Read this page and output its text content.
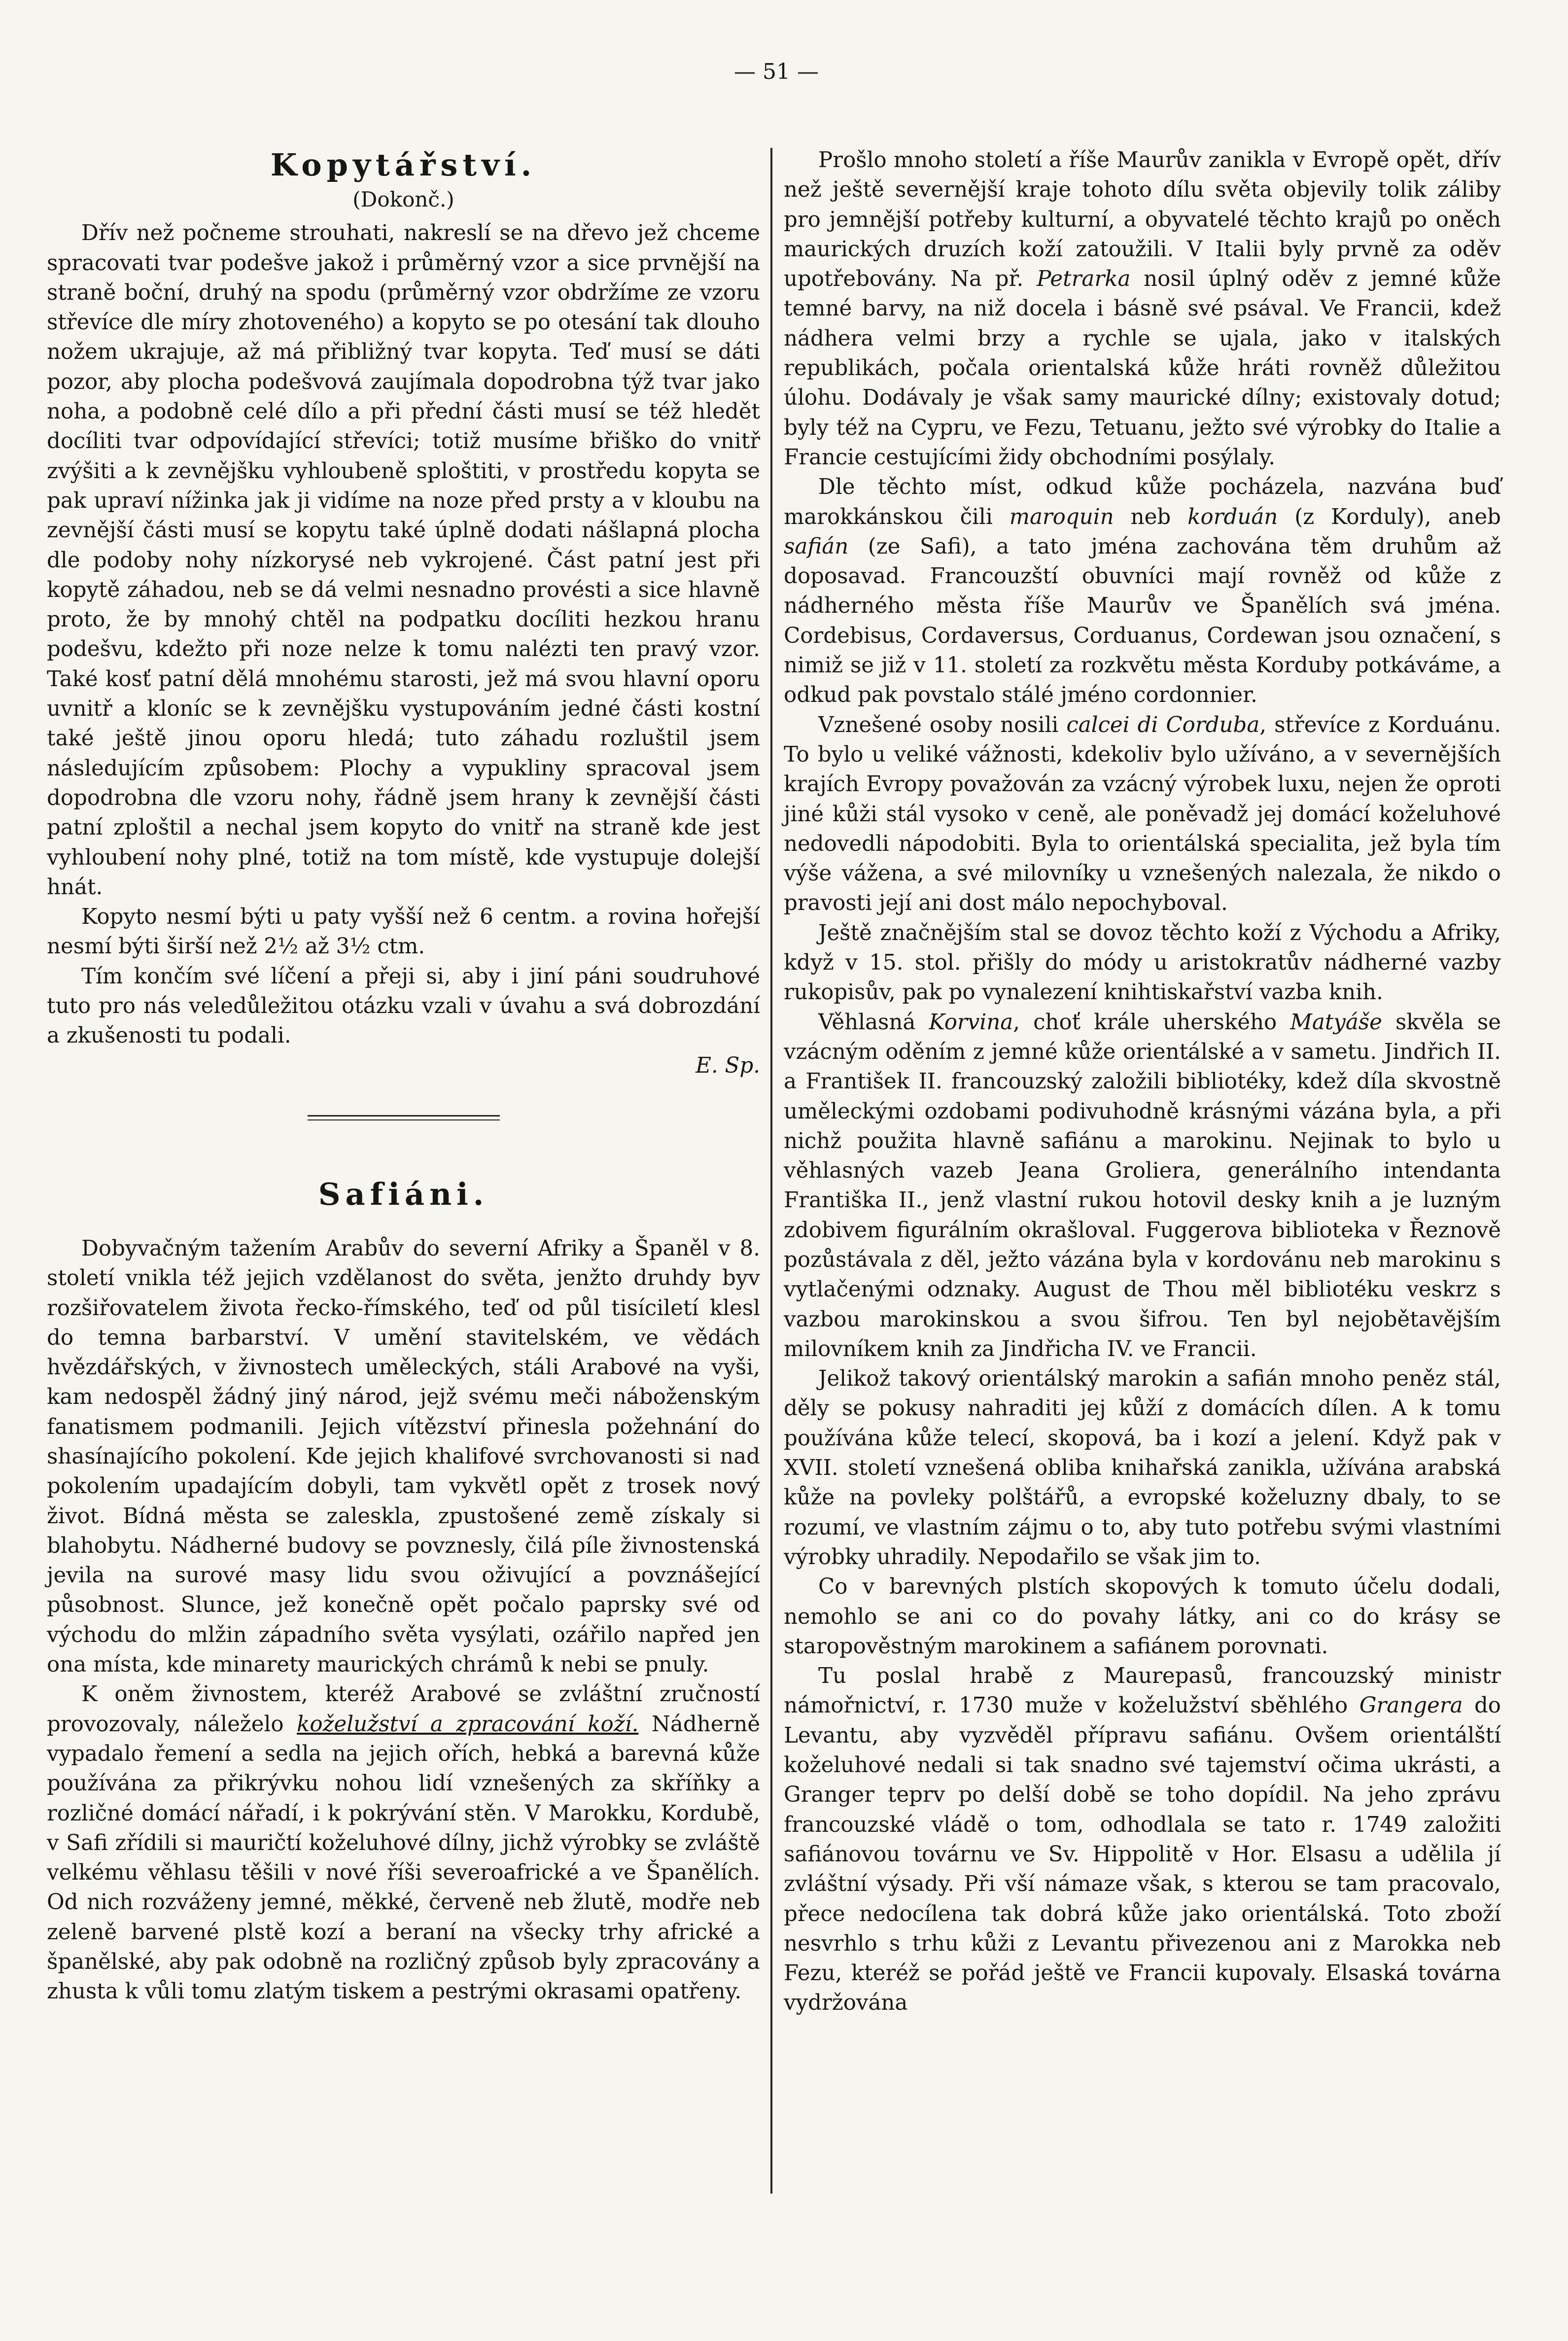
— 51 —
Kopytářství.
(Dokonč.)

Dřív než počneme strouhati, nakreslí se na dřevo jež chceme spracovati tvar podešve jakož i průměrný vzor a sice prvnější na straně boční, druhý na spodu (průměrný vzor obdržíme ze vzoru střevíce dle míry zhotoveného) a kopyto se po otesání tak dlouho nožem ukrajuje, až má přibližný tvar kopyta. Teď musí se dáti pozor, aby plocha podešvová zaujímala dopodrobna týž tvar jako noha, a podobně celé dílo a při přední části musí se též hledět docíliti tvar odpovídající střevíci; totiž musíme břiško do vnitř zvýšiti a k zevnějšku vyhloubeně sploštiti, v prostředu kopyta se pak upraví nížinka jak ji vidíme na noze před prsty a v kloubu na zevnější části musí se kopytu také úplně dodati nášlapná plocha dle podoby nohy nízkorysé neb vykrojené. Část patní jest při kopytě záhadou, neb se dá velmi nesnadno provésti a sice hlavně proto, že by mnohý chtěl na podpatku docíliti hezkou hranu podešvu, kdežto při noze nelze k tomu nalézti ten pravý vzor. Také kosť patní dělá mnohému starosti, jež má svou hlavní oporu uvnitř a kloníc se k zevnějšku vystupováním jedné části kostní také ještě jinou oporu hledá; tuto záhadu rozluštil jsem následujícím způsobem: Plochy a vypukliny spracoval jsem dopodrobna dle vzoru nohy, řádně jsem hrany k zevnější části patní zploštil a nechal jsem kopyto do vnitř na straně kde jest vyhloubení nohy plné, totiž na tom místě, kde vystupuje dolejší hnát.

Kopyto nesmí býti u paty vyšší než 6 centm. a rovina hořejší nesmí býti širší než 2½ až 3½ ctm.

Tím končím své líčení a přeji si, aby i jiní páni soudruhové tuto pro nás veledůležitou otázku vzali v úvahu a svá dobrozdání a zkušenosti tu podali.

E. Sp.

Safiáni.

Dobyvačným tažením Arabův do severní Afriky a Španěl v 8. století vnikla též jejich vzdělanost do světa, jenžto druhdy byv rozšiřovatelem života řecko-římského, teď od půl tisíciletí klesl do temna barbarství. V umění stavitelském, ve vědách hvězdářských, v živnostech uměleckých, stáli Arabové na vyši, kam nedospěl žádný jiný národ, jejž svému meči náboženským fanatismem podmanili. Jejich vítězství přinesla požehnání do shasínajícího pokolení. Kde jejich khalifové svrchovanosti si nad pokolením upadajícím dobyli, tam vykvětl opět z trosek nový život. Bídná města se zaleskla, zpustošené země získaly si blahobytu. Nádherné budovy se povznesly, čilá píle živnostenská jevila na surové masy lidu svou oživující a povznášející působnost. Slunce, jež konečně opět počalo paprsky své od východu do mlžin západního světa vysýlati, ozářilo napřed jen ona místa, kde minarety maurických chrámů k nebi se pnuly.

K oněm živnostem, kteréž Arabové se zvláštní zručností provozovaly, náleželo koželužství a zpracování koží. Nádherně vypadalo řemení a sedla na jejich ořích, hebká a barevná kůže používána za přikrývku nohou lidí vznešených za skříňky a rozličné domácí nářadí, i k pokrývání stěn. V Marokku, Kordubě, v Safi zřídili si mauričtí koželuhové dílny, jichž výrobky se zvláště velkému věhlasu těšili v nové říši severoafrické a ve Španělích. Od nich rozváženy jemné, měkké, červeně neb žlutě, modře neb zeleně barvené plstě kozí a beraní na všecky trhy africké a španělské, aby pak odobně na rozličný způsob byly zpracovány a zhusta k vůli tomu zlatým tiskem a pestrými okrasami opatřeny.

Prošlo mnoho století a říše Maurův zanikla v Evropě opět, dřív než ještě severnější kraje tohoto dílu světa objevily tolik záliby pro jemnější potřeby kulturní, a obyvatelé těchto krajů po oněch maurických druzích koží zatoužili. V Italii byly prvně za oděv upotřebovány. Na př. Petrarka nosil úplný oděv z jemné kůže temné barvy, na niž docela i básně své psával. Ve Francii, kdež nádhera velmi brzy a rychle se ujala, jako v italských republikách, počala orientalská kůže hráti rovněž důležitou úlohu. Dodávaly je však samy maurické dílny; existovaly dotud; byly též na Cypru, ve Fezu, Tetuanu, ježto své výrobky do Italie a Francie cestujícími židy obchodními posýlaly.

Dle těchto míst, odkud kůže pocházela, nazvána buď marokkánskou čili maroquin neb korduán (z Korduly), aneb safián (ze Safi), a tato jména zachována těm druhům až doposavad. Francouzští obuvníci mají rovněž od kůže z nádherného města říše Maurův ve Španělích svá jména. Cordebisus, Cordaversus, Corduanus, Cordewan jsou označení, s nimiž se již v 11. století za rozkvětu města Korduby potkáváme, a odkud pak povstalo stálé jméno cordonnier.

Vznešené osoby nosili calcei di Corduba, střevíce z Korduánu. To bylo u veliké vážnosti, kdekoliv bylo užíváno, a v severnějších krajích Evropy považován za vzácný výrobek luxu, nejen že oproti jiné kůži stál vysoko v ceně, ale poněvadž jej domácí koželuhové nedovedli nápodobiti. Byla to orientálská specialita, jež byla tím výše vážena, a své milovníky u vznešených nalezala, že nikdo o pravosti její ani dost málo nepochyboval.

Ještě značnějším stal se dovoz těchto koží z Východu a Afriky, když v 15. stol. přišly do módy u aristokratův nádherné vazby rukopisův, pak po vynalezení knihtiskařství vazba knih.

Věhlasná Korvina, choť krále uherského Matyáše skvěla se vzácným oděním z jemné kůže orientálské a v sametu. Jindřich II. a František II. francouzský založili bibliotéky, kdež díla skvostně uměleckými ozdobami podivuhodně krásnými vázána byla, a při nichž použita hlavně safiánu a marokinu. Nejinak to bylo u věhlasných vazeb Jeana Groliera, generálního intendanta Františka II., jenž vlastní rukou hotovil desky knih a je luzným zdobivem figurálním okrašloval. Fuggerova biblioteka v Řeznově pozůstávala z děl, ježto vázána byla v kordovánu neb marokinu s vytlačenými odznaky. August de Thou měl bibliotéku veskrz s vazbou marokinskou a svou šifrou. Ten byl nejobětavějším milovníkem knih za Jindřicha IV. ve Francii.

Jelikož takový orientálský marokin a safián mnoho peněz stál, děly se pokusy nahraditi jej kůží z domácích dílen. A k tomu používána kůže telecí, skopová, ba i kozí a jelení. Když pak v XVII. století vznešená obliba knihařská zanikla, užívána arabská kůže na povleky polštářů, a evropské koželuzny dbaly, to se rozumí, ve vlastním zájmu o to, aby tuto potřebu svými vlastními výrobky uhradily. Nepodařilo se však jim to.

Co v barevných plstích skopových k tomuto účelu dodali, nemohlo se ani co do povahy látky, ani co do krásy se staropověstným marokinem a safiánem porovnati.

Tu poslal hrabě z Maurepasů, francouzský ministr námořnictví, r. 1730 muže v koželužství sběhlého Grangera do Levantu, aby vyzvěděl přípravu safiánu. Ovšem orientálští koželuhové nedali si tak snadno své tajemství očima ukrásti, a Granger teprv po delší době se toho dopídil. Na jeho zprávu francouzské vládě o tom, odhodlala se tato r. 1749 založiti safiánovou továrnu ve Sv. Hippolitě v Hor. Elsasu a udělila jí zvláštní výsady. Při vší námaze však, s kterou se tam pracovalo, přece nedocílena tak dobrá kůže jako orientálská. Toto zboží nesvrhlo s trhu kůži z Levantu přivezenou ani z Marokka neb Fezu, kteréž se pořád ještě ve Francii kupovaly. Elsaská továrna vydržována
